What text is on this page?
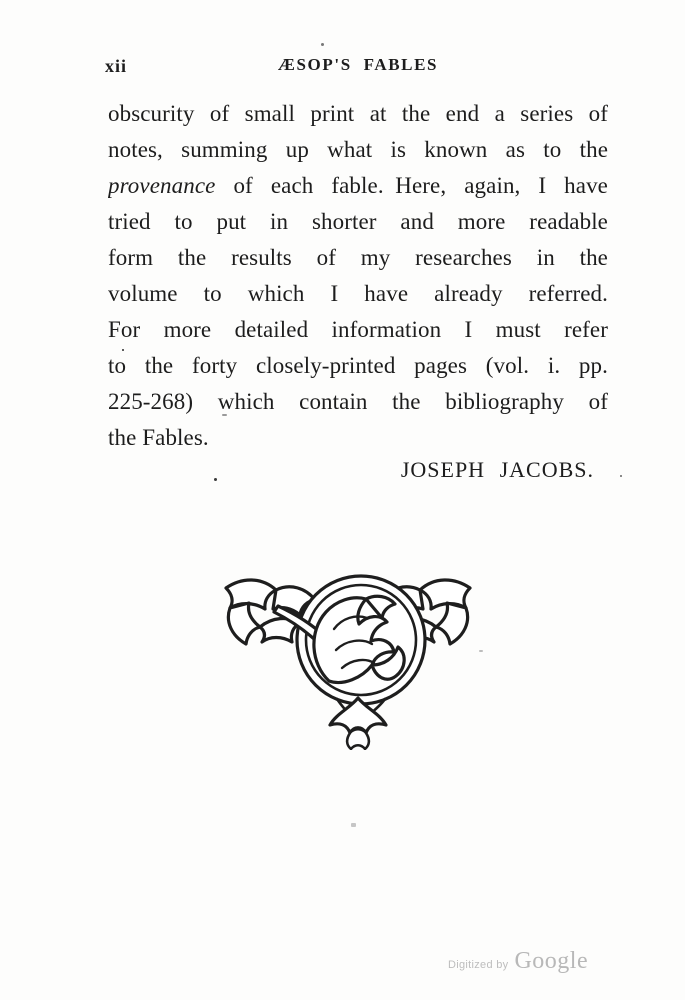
xii	ÆSOP'S FABLES
obscurity of small print at the end a series of
notes, summing up what is known as to the
provenance of each fable. Here, again, I have
tried to put in shorter and more readable
form the results of my researches in the
volume to which I have already referred.
For more detailed information I must refer
to the forty closely-printed pages (vol. i. pp.
225-268) which contain the bibliography of
the Fables.
JOSEPH JACOBS.
Digitized by Google
